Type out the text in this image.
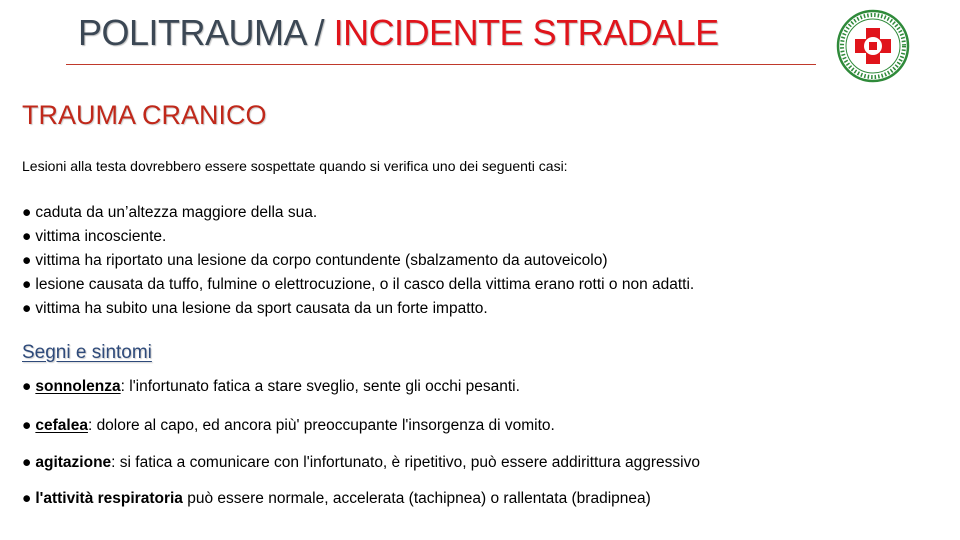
POLITRAUMA / INCIDENTE STRADALE
TRAUMA CRANICO
Lesioni alla testa dovrebbero essere sospettate quando si verifica uno dei seguenti casi:
● caduta da un’altezza maggiore della sua.
● vittima incosciente.
● vittima ha riportato una lesione da corpo contundente (sbalzamento da autoveicolo)
● lesione causata da tuffo, fulmine o elettrocuzione, o il casco della vittima erano rotti o non adatti.
● vittima ha subito una lesione da sport causata da un forte impatto.
Segni e sintomi
● sonnolenza: l'infortunato fatica a stare sveglio, sente gli occhi pesanti.
● cefalea: dolore al capo, ed ancora più' preoccupante l'insorgenza di vomito.
● agitazione: si fatica a comunicare con l'infortunato, è ripetitivo, può essere addirittura aggressivo
● l'attività respiratoria può essere normale, accelerata (tachipnea) o rallentata (bradipnea)
